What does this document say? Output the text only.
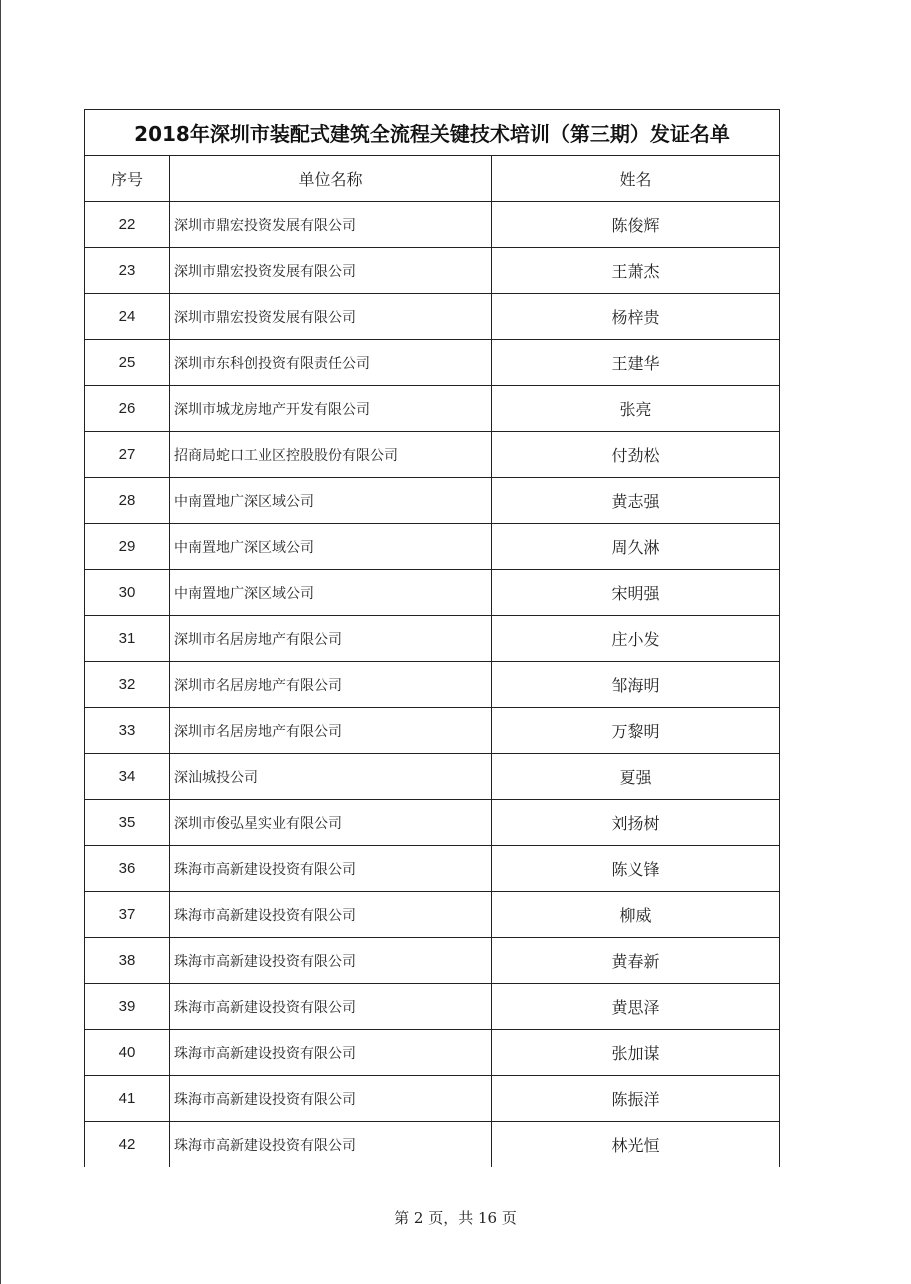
2018年深圳市装配式建筑全流程关键技术培训（第三期）发证名单		
序号	单位名称	姓名
22	深圳市鼎宏投资发展有限公司	陈俊辉
23	深圳市鼎宏投资发展有限公司	王萧杰
24	深圳市鼎宏投资发展有限公司	杨梓贵
25	深圳市东科创投资有限责任公司	王建华
26	深圳市城龙房地产开发有限公司	张亮
27	招商局蛇口工业区控股股份有限公司	付劲松
28	中南置地广深区域公司	黄志强
29	中南置地广深区域公司	周久淋
30	中南置地广深区域公司	宋明强
31	深圳市名居房地产有限公司	庄小发
32	深圳市名居房地产有限公司	邹海明
33	深圳市名居房地产有限公司	万黎明
34	深汕城投公司	夏强
35	深圳市俊弘星实业有限公司	刘扬树
36	珠海市高新建设投资有限公司	陈义锋
37	珠海市高新建设投资有限公司	柳威
38	珠海市高新建设投资有限公司	黄春新
39	珠海市高新建设投资有限公司	黄思泽
40	珠海市高新建设投资有限公司	张加谋
41	珠海市高新建设投资有限公司	陈振洋
42	珠海市高新建设投资有限公司	林光恒
第 2 页，共 16 页
